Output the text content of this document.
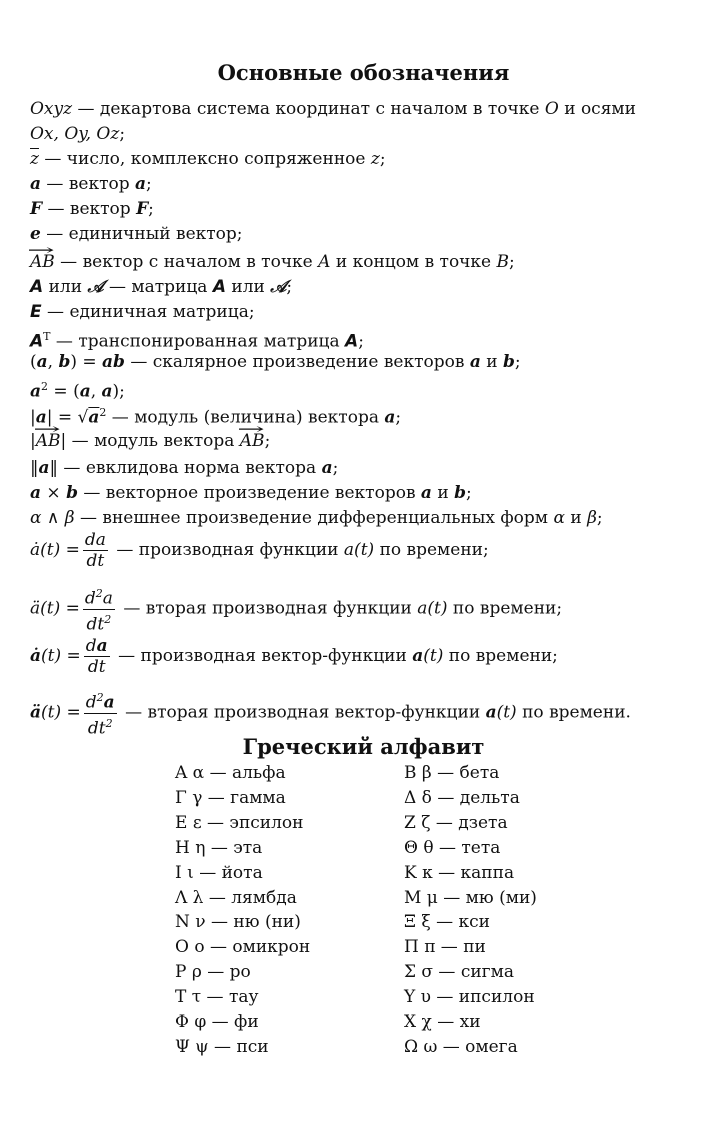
Основные обозначения
Oxyz — декартова система координат с началом в точке O и осями
Ox, Oy, Oz;
$\overline{z}$ — число, комплексно сопряженное z;
a — вектор a;
F — вектор F;
e — единичный вектор;
→ AB — вектор с началом в точке A и концом в точке B;
A или 𝒜 — матрица A или 𝒜;
E — единичная матрица;
$A^T$ — транспонированная матрица A;
(a, b) = ab — скалярное произведение векторов a и b;
$a^2 = (a$, a);
$|a| = √a^2$ — модуль (величина) вектора a;
|→ AB| — модуль вектора → AB;
‖a‖ — евклидова норма вектора a;
a × b — векторное произведение векторов a и b;
α ∧ β — внешнее произведение дифференциальных форм α и β;
ȧ(t) = $\frac{da}{dt}$ — производная функции a(t) по времени;
ä(t) = $\frac{d^2a}{dt^2}$ — вторая производная функции a(t) по времени;
ȧ(t) = $\frac{da}{dt}$ — производная вектор-функции a(t) по времени;
ä(t) = $\frac{d^2a}{dt^2}$ — вторая производная вектор-функции a(t) по времени.
Греческий алфавит
Α α — альфа
Γ γ — гамма
Ε ε — эпсилон
Η η — эта
Ι ι — йота
Λ λ — лямбда
Ν ν — ню (ни)
Ο ο — омикрон
Ρ ρ — ро
Τ τ — тау
Φ φ — фи
Ψ ψ — пси
Β β — бета
Δ δ — дельта
Ζ ζ — дзета
Θ θ — тета
Κ κ — каппа
Μ μ — мю (ми)
Ξ ξ — кси
Π π — пи
Σ σ — сигма
Υ υ — ипсилон
Χ χ — хи
Ω ω — омега
